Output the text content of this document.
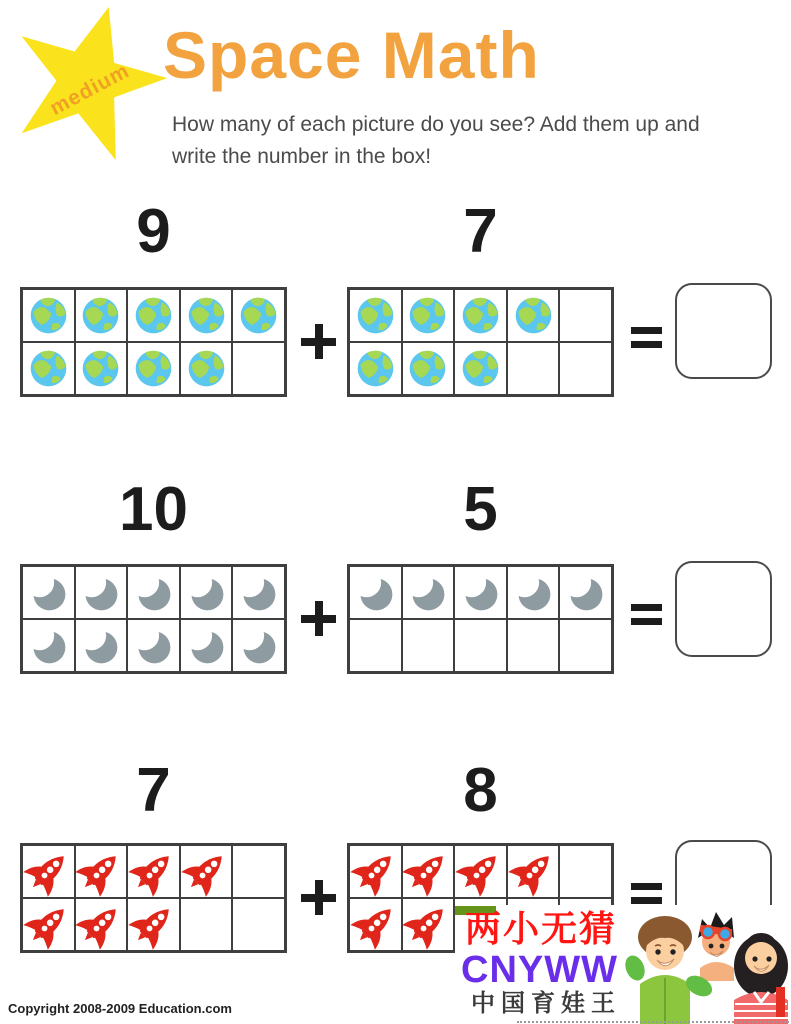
medium Space Math
How many of each picture do you see? Add them up and
write the number in the box!
9	7
10	5
7	8
Copyright 2008-2009 Education.com
两小无猜
CNYWW
中国育娃王
